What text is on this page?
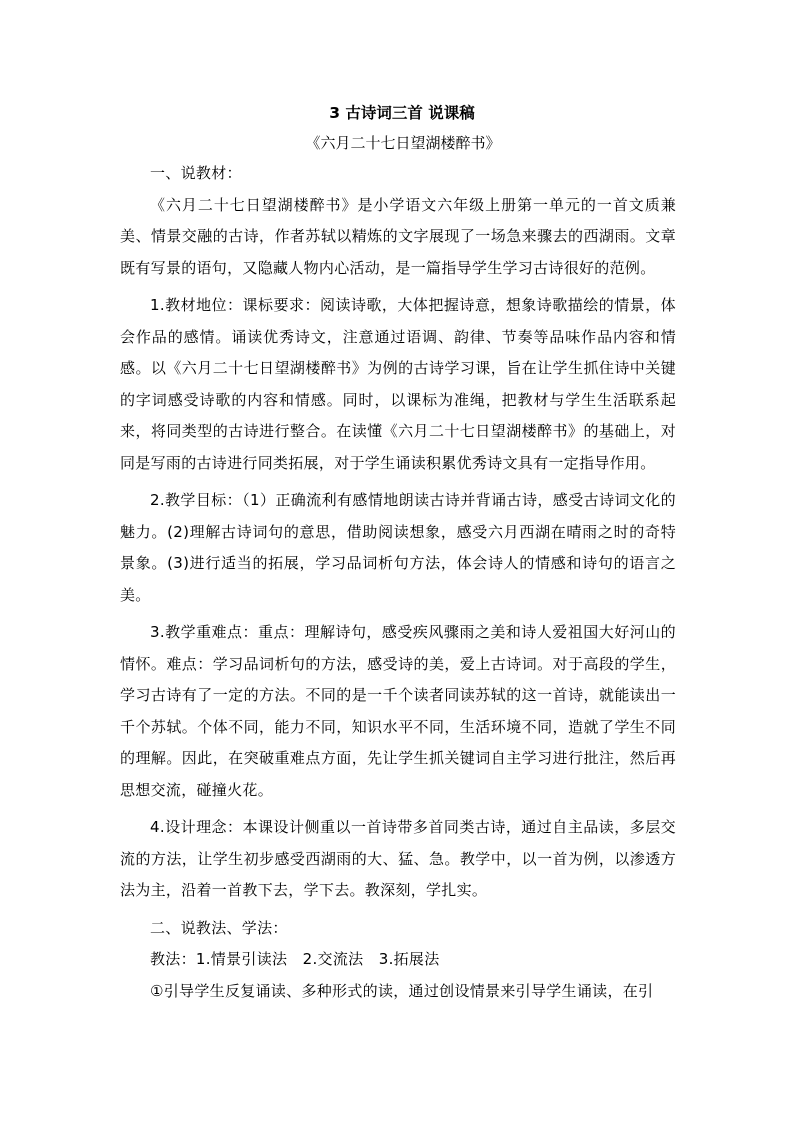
3 古诗词三首 说课稿
《六月二十七日望湖楼醉书》

一、说教材：

《六月二十七日望湖楼醉书》是小学语文六年级上册第一单元的一首文质兼美、情景交融的古诗，作者苏轼以精炼的文字展现了一场急来骤去的西湖雨。文章既有写景的语句，又隐藏人物内心活动，是一篇指导学生学习古诗很好的范例。

1.教材地位：课标要求：阅读诗歌，大体把握诗意，想象诗歌描绘的情景，体会作品的感情。诵读优秀诗文，注意通过语调、韵律、节奏等品味作品内容和情感。以《六月二十七日望湖楼醉书》为例的古诗学习课，旨在让学生抓住诗中关键的字词感受诗歌的内容和情感。同时，以课标为准绳，把教材与学生生活联系起来，将同类型的古诗进行整合。在读懂《六月二十七日望湖楼醉书》的基础上，对同是写雨的古诗进行同类拓展，对于学生诵读积累优秀诗文具有一定指导作用。

2.教学目标：（1）正确流利有感情地朗读古诗并背诵古诗，感受古诗词文化的魅力。(2)理解古诗词句的意思，借助阅读想象，感受六月西湖在晴雨之时的奇特景象。(3)进行适当的拓展，学习品词析句方法，体会诗人的情感和诗句的语言之美。

3.教学重难点：重点：理解诗句，感受疾风骤雨之美和诗人爱祖国大好河山的情怀。难点：学习品词析句的方法，感受诗的美，爱上古诗词。对于高段的学生，学习古诗有了一定的方法。不同的是一千个读者同读苏轼的这一首诗，就能读出一千个苏轼。个体不同，能力不同，知识水平不同，生活环境不同，造就了学生不同的理解。因此，在突破重难点方面，先让学生抓关键词自主学习进行批注，然后再思想交流，碰撞火花。

4.设计理念：本课设计侧重以一首诗带多首同类古诗，通过自主品读，多层交流的方法，让学生初步感受西湖雨的大、猛、急。教学中，以一首为例，以渗透方法为主，沿着一首教下去，学下去。教深刻，学扎实。

二、说教法、学法：

教法：1.情景引读法　2.交流法　3.拓展法

①引导学生反复诵读、多种形式的读，通过创设情景来引导学生诵读，在引
